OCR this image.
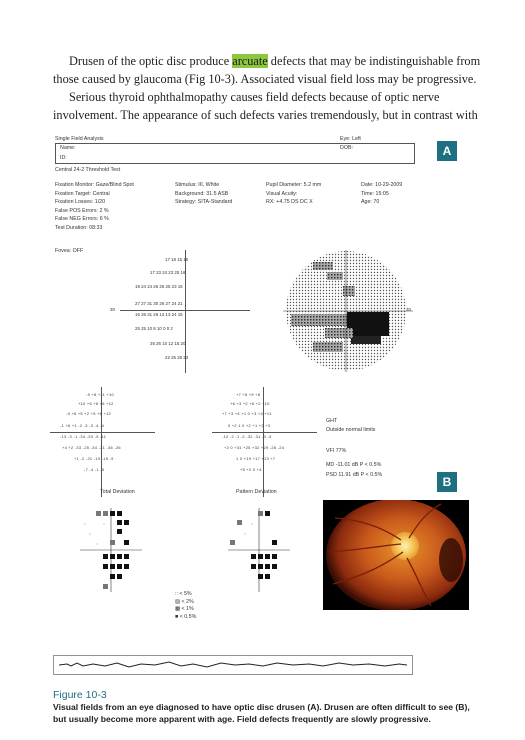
Drusen of the optic disc produce arcuate defects that may be indistinguishable from those caused by glaucoma (Fig 10-3). Associated visual field loss may be progressive.
Serious thyroid ophthalmopathy causes field defects because of optic nerve involvement. The appearance of such defects varies tremendously, but in contrast with
Single Field Analysis	Eye: Left
Name:	DOB:
ID:
Central 24-2 Threshold Test
A
Fixation Monitor: Gaze/Blind Spot
Fixation Target: Central
Fixation Losses: 1/20
False POS Errors: 2 %
False NEG Errors: 6 %
Test Duration: 08:33
Stimulus: III, White
Background: 31.5 ASB
Strategy: SITA-Standard
Pupil Diameter: 5.2 mm
Visual Acuity:
RX: +4.75 DS DC X
Date: 10-29-2009
Time: 15:05
Age: 70
Fovea: OFF
30
17 18 15 16
17 23 24 23 25 16
19 24 24 26 26 25 23 15
27 27 31 30 26 27 24 21
16 26 31 26 12 13 24 15
25 25 10 8 10 0 0 2
26 26 10 12 15 20
22 25 28 23
30
-9 +8 +11 +10
+10 +6 +6 +6 +12
-9 +6 +5 +2 +5 +6 +12
-1 +6 +1 -2 -3 -3 -4 -4
-13 -3 -1 -34 -33 -5 -11
+4 +2 -33 -25 -34 -31 -36 -26
+1 -2 -21 -19 -15 -9
-7 -4 -1 -5
+7 +5 +9 +8
+6 +3 +2 +6 +2 +10
+7 +3 +4 +1 0 +3 +4 +11
0 +2 1 0 +2 +1 +2 +3
-12 -2 -1 -2 -32 -31 -3 -9
+2 0 +31 +25 +32 +29 -26 -24
1 0 +19 +17 +13 +7
+5 +2 0 +4
GHT
Outside normal limits
VFI 77%
MD -11.01 dB P < 0.5%
PSD 11.91 dB P < 0.5%	B
Total Deviation	Pattern Deviation
::	::
::
::
::
::
:: < 5%
▨ < 2%
▩ < 1%
■ < 0.5%
Figure 10-3
Visual fields from an eye diagnosed to have optic disc drusen (A). Drusen are often difficult to see (B), but usually become more apparent with age. Field defects frequently are slowly progressive.
